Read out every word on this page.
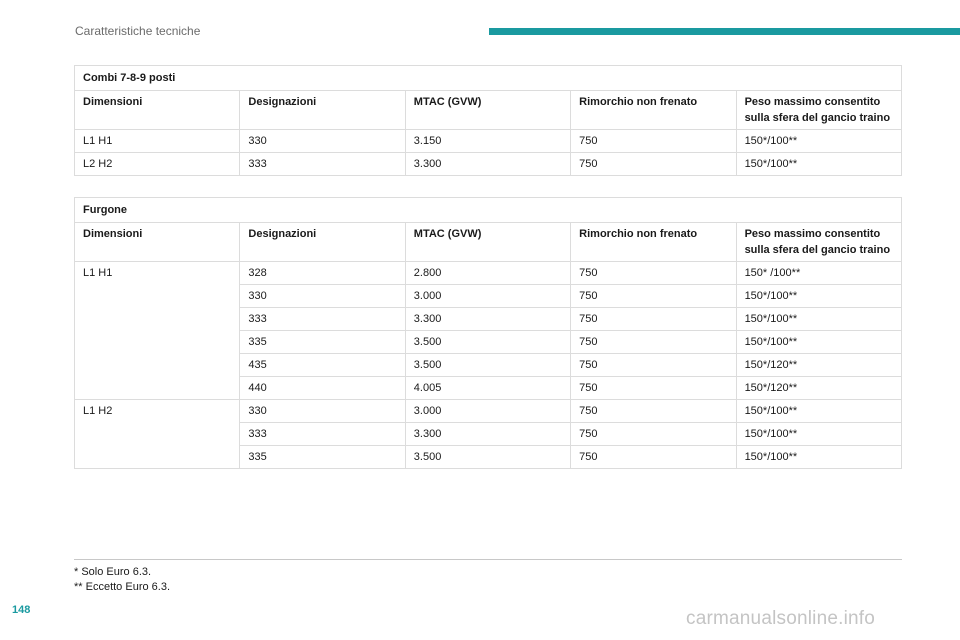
Caratteristiche tecniche
Combi 7-8-9 posti				
Dimensioni	Designazioni	MTAC (GVW)	Rimorchio non frenato	Peso massimo consentito sulla sfera del gancio traino
L1 H1	330	3.150	750	150*/100**
L2 H2	333	3.300	750	150*/100**
Furgone				
Dimensioni	Designazioni	MTAC (GVW)	Rimorchio non frenato	Peso massimo consentito sulla sfera del gancio traino
L1 H1	328	2.800	750	150* /100**
	330	3.000	750	150*/100**
	333	3.300	750	150*/100**
	335	3.500	750	150*/100**
	435	3.500	750	150*/120**
	440	4.005	750	150*/120**
L1 H2	330	3.000	750	150*/100**
	333	3.300	750	150*/100**
	335	3.500	750	150*/100**
* Solo Euro 6.3.
** Eccetto Euro 6.3.
148	carmanualsonline.info
